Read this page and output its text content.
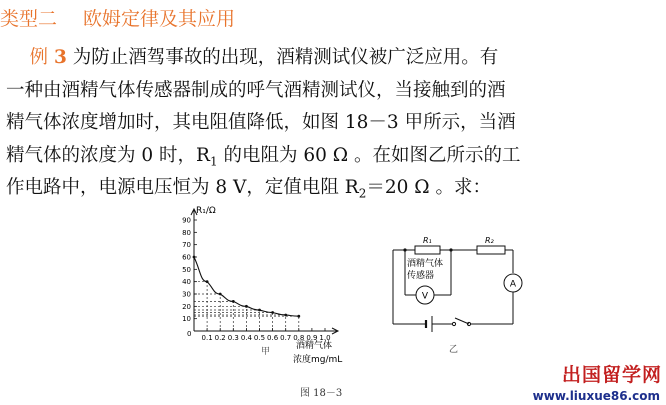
类型二 欧姆定律及其应用
例 3 为防止酒驾事故的出现，酒精测试仪被广泛应用。有
一种由酒精气体传感器制成的呼气酒精测试仪，当接触到的酒
精气体浓度增加时，其电阻值降低，如图 18－3 甲所示，当酒
精气体的浓度为 0 时，$R_1$ 的电阻为 60 Ω 。在如图乙所示的工
作电路中，电源电压恒为 8 V，定值电阻 $R_2=20$ Ω 。求：
R₁/Ω
0
10
20
30
40
50
60
70
80
90
0.1 0.2 0.3 0.4 0.5 0.6 0.7 0.8 0.9 1.0
酒精气体
浓度mg/mL
甲
R₁	R₂
酒精气体
传感器
V
A
乙
图 18－3
出国留学网
www.liuxue86.com
